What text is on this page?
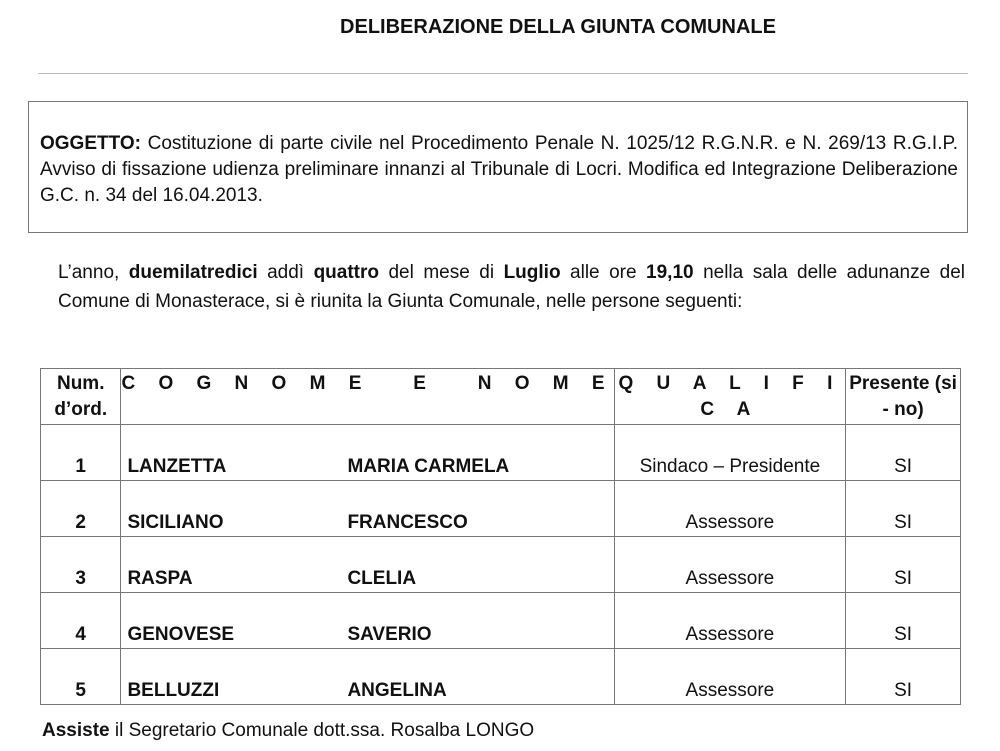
DELIBERAZIONE DELLA GIUNTA COMUNALE

OGGETTO: Costituzione di parte civile nel Procedimento Penale N. 1025/12 R.G.N.R. e N. 269/13 R.G.I.P. Avviso di fissazione udienza preliminare innanzi al Tribunale di Locri. Modifica ed Integrazione Deliberazione G.C. n. 34 del 16.04.2013.

L’anno, duemilatredici addì quattro del mese di Luglio alle ore 19,10 nella sala delle adunanze del Comune di Monasterace, si è riunita la Giunta Comunale, nelle persone seguenti:
Num. d’ord.	C O G N O M E   E   N O M E	Q U A L I F I C A	Presente (si - no)
1	LANZETTA MARIA CARMELA	Sindaco – Presidente	SI
2	SICILIANO FRANCESCO	Assessore	SI
3	RASPA CLELIA	Assessore	SI
4	GENOVESE SAVERIO	Assessore	SI
5	BELLUZZI ANGELINA	Assessore	SI
Assiste il Segretario Comunale dott.ssa. Rosalba LONGO
